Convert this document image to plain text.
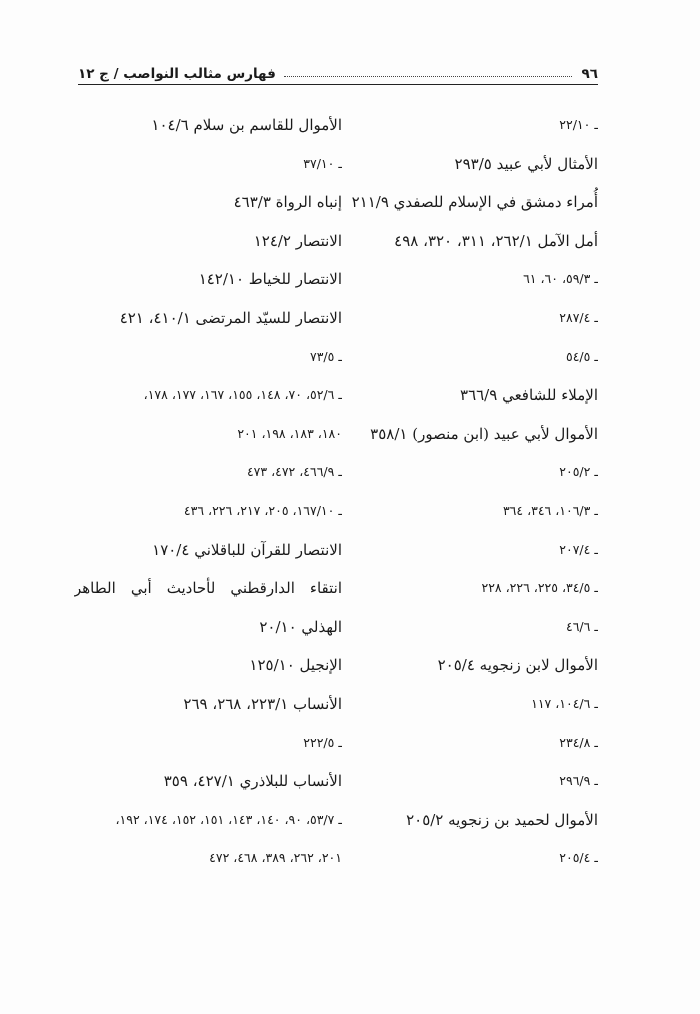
٩٦
فهارس مثالب النواصب / ج ١٢
ـ ٢٢/١٠
الأمثال لأبي عبيد ٢٩٣/٥
أُمراء دمشق في الإسلام للصفدي ٢١١/٩
أمل الآمل ٢٦٢/١، ٣١١، ٣٢٠، ٤٩٨
ـ ٥٩/٣، ٦٠، ٦١
ـ ٢٨٧/٤
ـ ٥٤/٥
الإملاء للشافعي ٣٦٦/٩
الأموال لأبي عبيد (ابن منصور) ٣٥٨/١
ـ ٢٠٥/٢
ـ ١٠٦/٣، ٣٤٦، ٣٦٤
ـ ٢٠٧/٤
ـ ٣٤/٥، ٢٢٥، ٢٢٦، ٢٢٨
ـ ٤٦/٦
الأموال لابن زنجويه ٢٠٥/٤
ـ ١٠٤/٦، ١١٧
ـ ٢٣٤/٨
ـ ٢٩٦/٩
الأموال لحميد بن زنجويه ٢٠٥/٢
ـ ٢٠٥/٤
الأموال للقاسم بن سلام ١٠٤/٦
ـ ٣٧/١٠
إنباه الرواة ٤٦٣/٣
الانتصار ١٢٤/٢
الانتصار للخياط ١٤٢/١٠
الانتصار للسيّد المرتضى ٤١٠/١، ٤٢١
ـ ٧٣/٥
ـ ٥٢/٦، ٧٠، ١٤٨، ١٥٥، ١٦٧، ١٧٧، ١٧٨،
١٨٠، ١٨٣، ١٩٨، ٢٠١
ـ ٤٦٦/٩، ٤٧٢، ٤٧٣
ـ ١٦٧/١٠، ٢٠٥، ٢١٧، ٢٢٦، ٤٣٦
الانتصار للقرآن للباقلاني ١٧٠/٤
انتقاء الدارقطني لأحاديث أبي الطاهر
الهذلي ٢٠/١٠
الإنجيل ١٢٥/١٠
الأنساب ٢٢٣/١، ٢٦٨، ٢٦٩
ـ ٢٢٢/٥
الأنساب للبلاذري ٤٢٧/١، ٣٥٩
ـ ٥٣/٧، ٩٠، ١٤٠، ١٤٣، ١٥١، ١٥٢، ١٧٤، ١٩٢،
٢٠١، ٢٦٢، ٣٨٩، ٤٦٨، ٤٧٢
